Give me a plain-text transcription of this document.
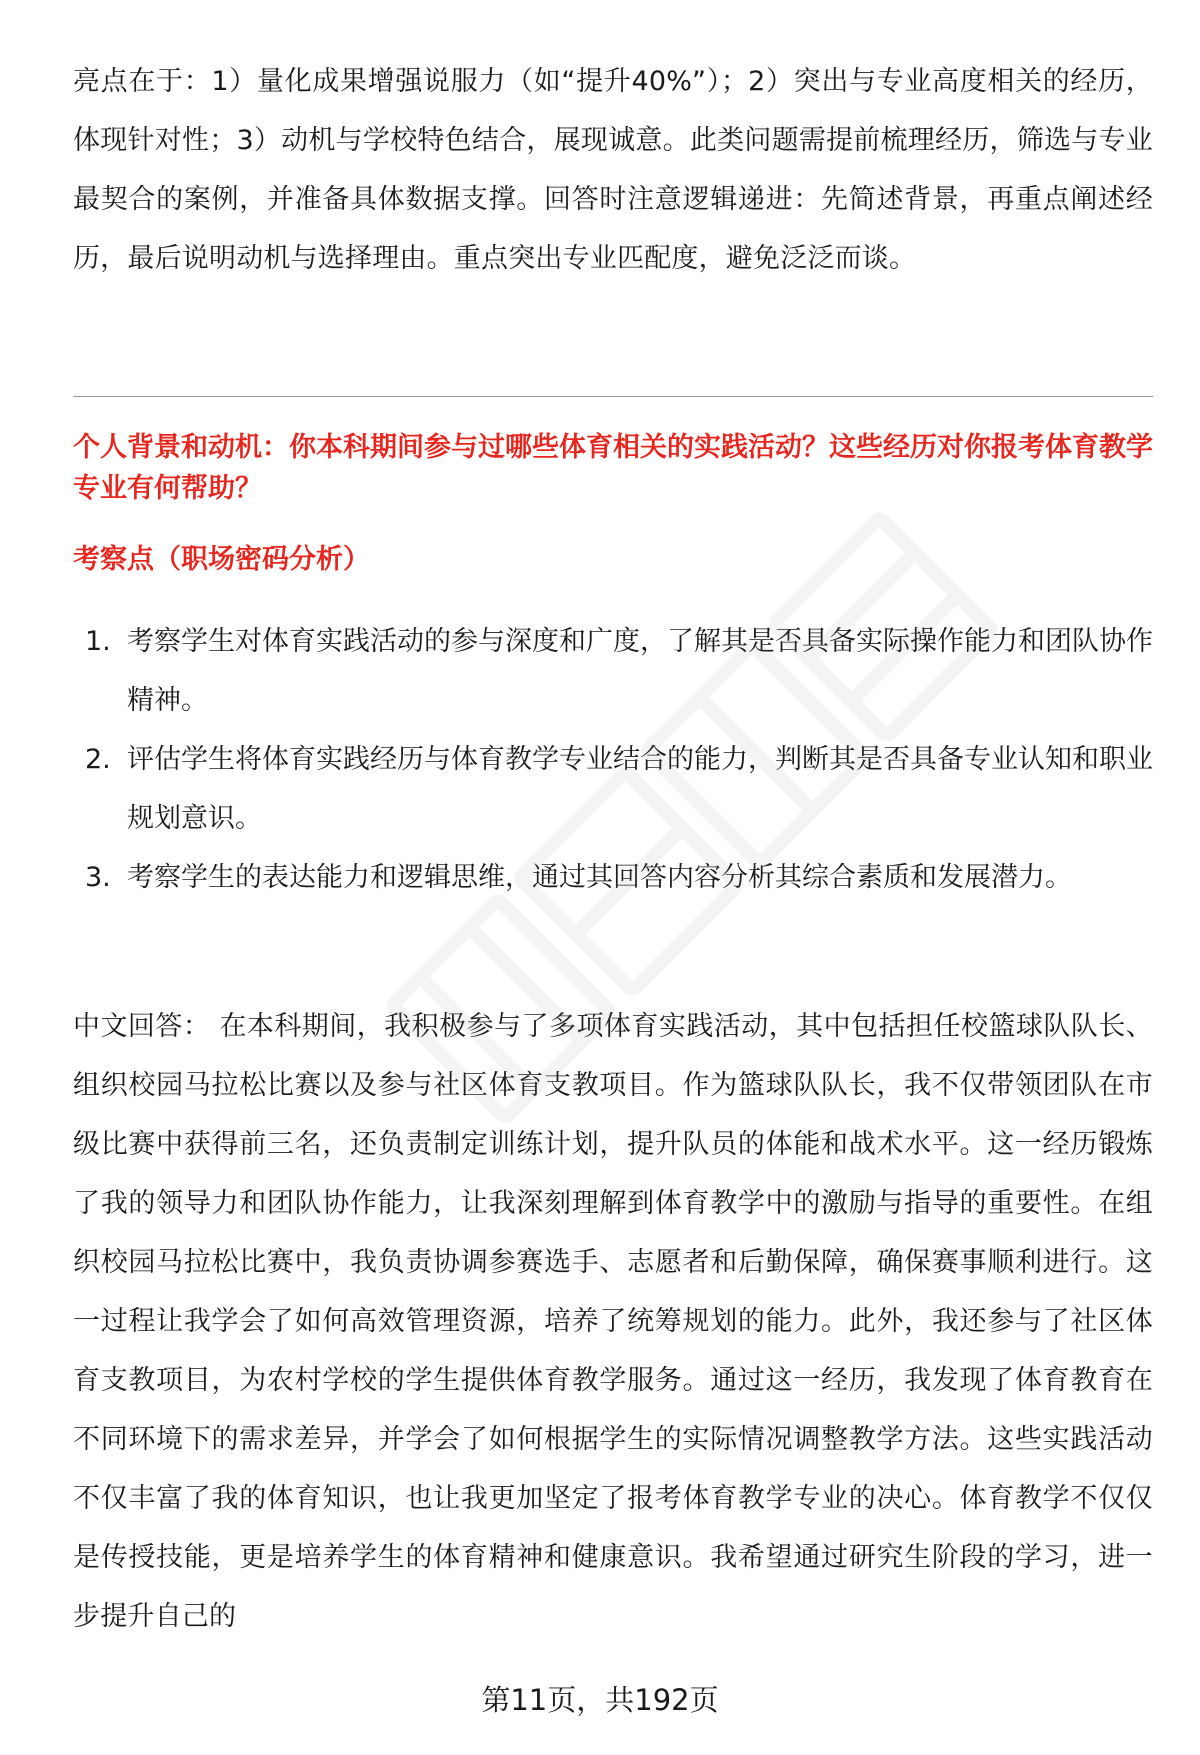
亮点在于：1）量化成果增强说服力（如“提升40%”）；2）突出与专业高度相关的经历，体现针对性；3）动机与学校特色结合，展现诚意。此类问题需提前梳理经历，筛选与专业最契合的案例，并准备具体数据支撑。回答时注意逻辑递进：先简述背景，再重点阐述经历，最后说明动机与选择理由。重点突出专业匹配度，避免泛泛而谈。

个人背景和动机：你本科期间参与过哪些体育相关的实践活动？这些经历对你报考体育教学专业有何帮助？

考察点（职场密码分析）

1. 考察学生对体育实践活动的参与深度和广度，了解其是否具备实际操作能力和团队协作精神。
2. 评估学生将体育实践经历与体育教学专业结合的能力，判断其是否具备专业认知和职业规划意识。
3. 考察学生的表达能力和逻辑思维，通过其回答内容分析其综合素质和发展潜力。

中文回答： 在本科期间，我积极参与了多项体育实践活动，其中包括担任校篮球队队长、组织校园马拉松比赛以及参与社区体育支教项目。作为篮球队队长，我不仅带领团队在市级比赛中获得前三名，还负责制定训练计划，提升队员的体能和战术水平。这一经历锻炼了我的领导力和团队协作能力，让我深刻理解到体育教学中的激励与指导的重要性。在组织校园马拉松比赛中，我负责协调参赛选手、志愿者和后勤保障，确保赛事顺利进行。这一过程让我学会了如何高效管理资源，培养了统筹规划的能力。此外，我还参与了社区体育支教项目，为农村学校的学生提供体育教学服务。通过这一经历，我发现了体育教育在不同环境下的需求差异，并学会了如何根据学生的实际情况调整教学方法。这些实践活动不仅丰富了我的体育知识，也让我更加坚定了报考体育教学专业的决心。体育教学不仅仅是传授技能，更是培养学生的体育精神和健康意识。我希望通过研究生阶段的学习，进一步提升自己的

第11页，共192页
